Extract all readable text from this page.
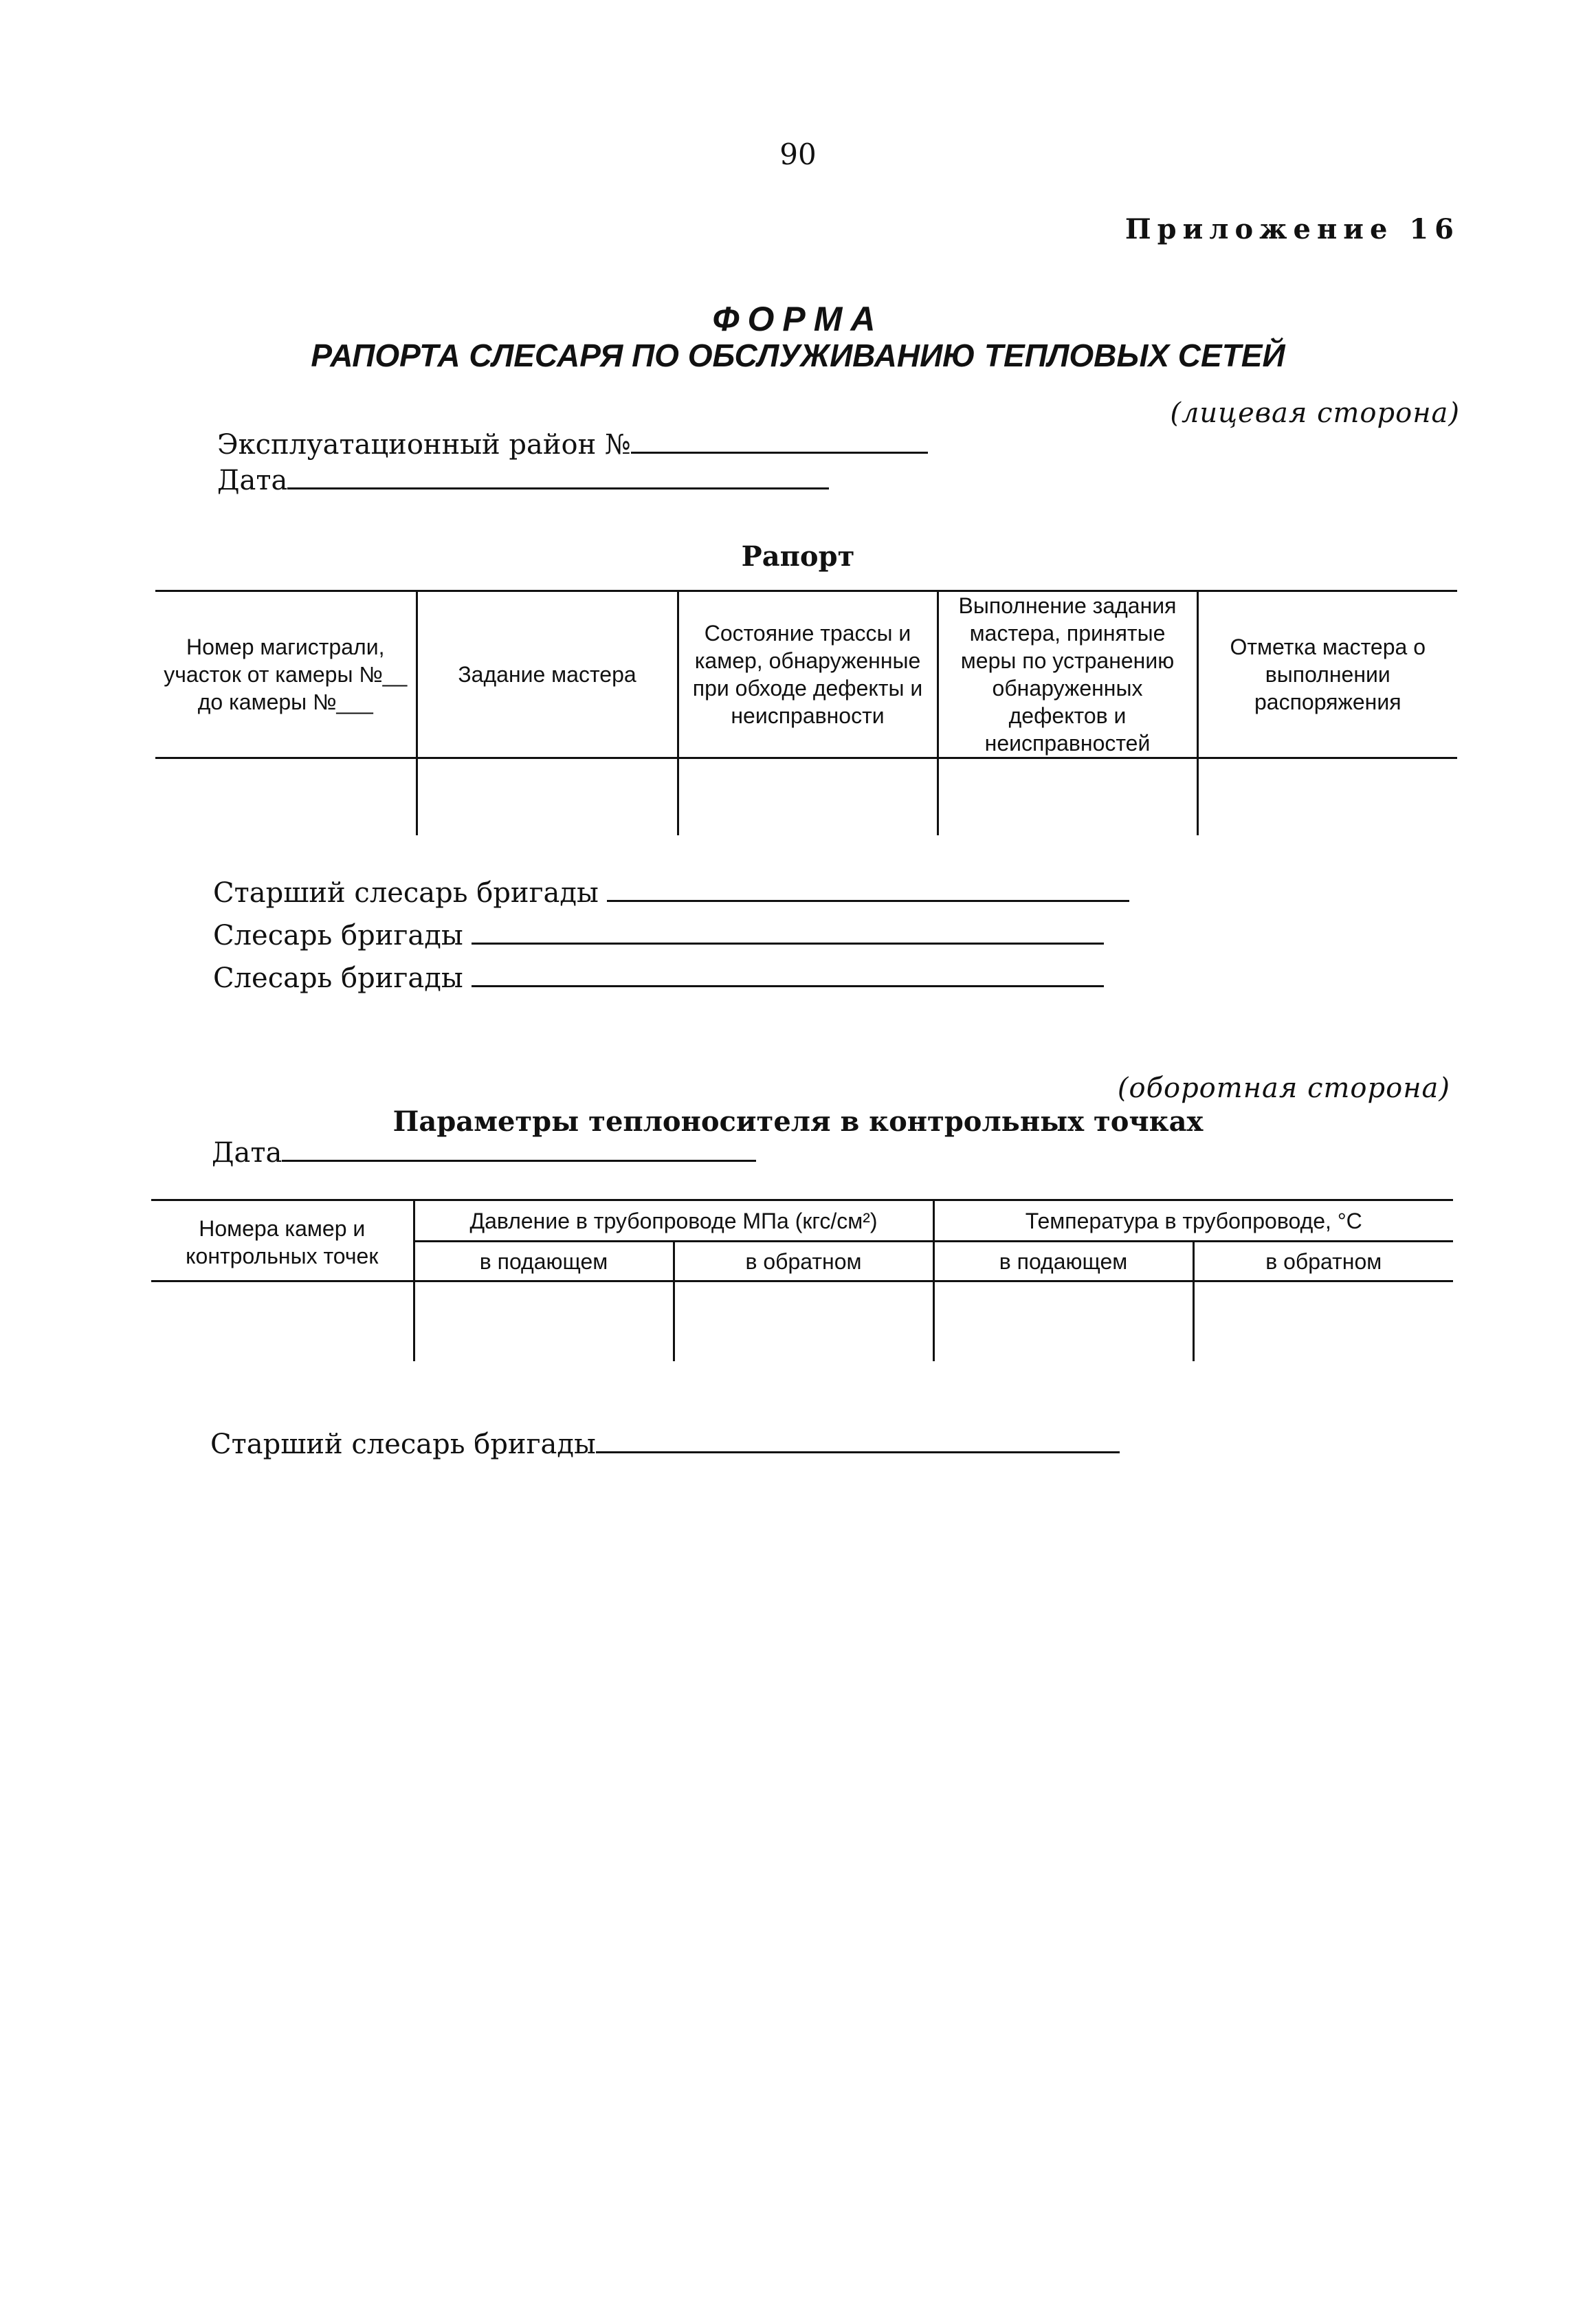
90
Приложение 16
ФОРМА
РАПОРТА СЛЕСАРЯ ПО ОБСЛУЖИВАНИЮ ТЕПЛОВЫХ СЕТЕЙ
(лицевая сторона)
Эксплуатационный район №
Дата
Рапорт
Номер магистрали, участок от камеры №__ до камеры №___	Задание мастера	Состояние трассы и камер, обнаруженные при обходе дефекты и неисправности	Выполнение задания мастера, принятые меры по устранению обнаруженных дефектов и неисправностей	Отметка мастера о выполнении распоряжения

Старший слесарь бригады
Слесарь бригады
Слесарь бригады
(оборотная сторона)
Параметры теплоносителя в контрольных точках
Дата
Номера камер и контрольных точек	Давление в трубопроводе МПа (кгс/см²)		Температура в трубопроводе, °С	
	в подающем	в обратном	в подающем	в обратном

Старший слесарь бригады
